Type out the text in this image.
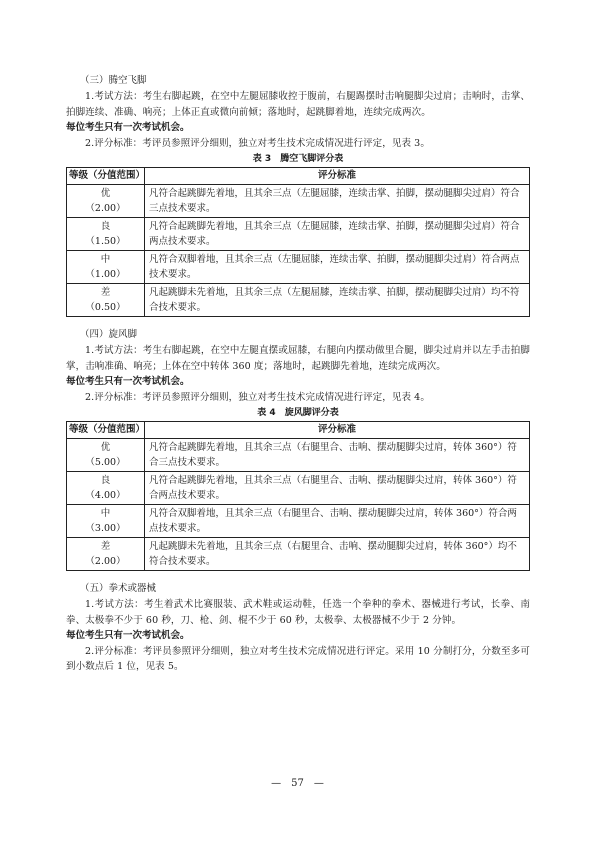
（三）腾空飞脚

1.考试方法：考生右脚起跳，在空中左腿屈膝收控于腹前，右腿踢摆时击响腿脚尖过肩；击响时，击掌、拍脚连续、准确、响亮；上体正直或微向前倾；落地时，起跳脚着地，连续完成两次。

每位考生只有一次考试机会。

2.评分标准：考评员参照评分细则，独立对考生技术完成情况进行评定，见表 3。

表 3　腾空飞脚评分表

等级（分值范围）	评分标准
优
（2.00）	凡符合起跳脚先着地，且其余三点（左腿屈膝，连续击掌、拍脚，摆动腿脚尖过肩）符合三点技术要求。
良
（1.50）	凡符合起跳脚先着地，且其余三点（左腿屈膝，连续击掌、拍脚，摆动腿脚尖过肩）符合两点技术要求。
中
（1.00）	凡符合双脚着地，且其余三点（左腿屈膝，连续击掌、拍脚，摆动腿脚尖过肩）符合两点技术要求。
差
（0.50）	凡起跳脚未先着地，且其余三点（左腿屈膝，连续击掌、拍脚，摆动腿脚尖过肩）均不符合技术要求。

（四）旋风脚

1.考试方法：考生右脚起跳，在空中左腿直摆或屈膝，右腿向内摆动做里合腿，脚尖过肩并以左手击拍脚掌，击响准确、响亮；上体在空中转体 360 度；落地时，起跳脚先着地，连续完成两次。

每位考生只有一次考试机会。

2.评分标准：考评员参照评分细则，独立对考生技术完成情况进行评定，见表 4。

表 4　旋风脚评分表

等级（分值范围）	评分标准
优
（5.00）	凡符合起跳脚先着地，且其余三点（右腿里合、击响、摆动腿脚尖过肩，转体 360°）符合三点技术要求。
良
（4.00）	凡符合起跳脚先着地，且其余三点（右腿里合、击响、摆动腿脚尖过肩，转体 360°）符合两点技术要求。
中
（3.00）	凡符合双脚着地，且其余三点（右腿里合、击响、摆动腿脚尖过肩，转体 360°）符合两点技术要求。
差
（2.00）	凡起跳脚未先着地，且其余三点（右腿里合、击响、摆动腿脚尖过肩，转体 360°）均不符合技术要求。

（五）拳术或器械

1.考试方法：考生着武术比赛服装、武术鞋或运动鞋，任选一个拳种的拳术、器械进行考试，长拳、南拳、太极拳不少于 60 秒，刀、枪、剑、棍不少于 60 秒，太极拳、太极器械不少于 2 分钟。

每位考生只有一次考试机会。

2.评分标准：考评员参照评分细则，独立对考生技术完成情况进行评定。采用 10 分制打分，分数至多可到小数点后 1 位，见表 5。

—　57　—
